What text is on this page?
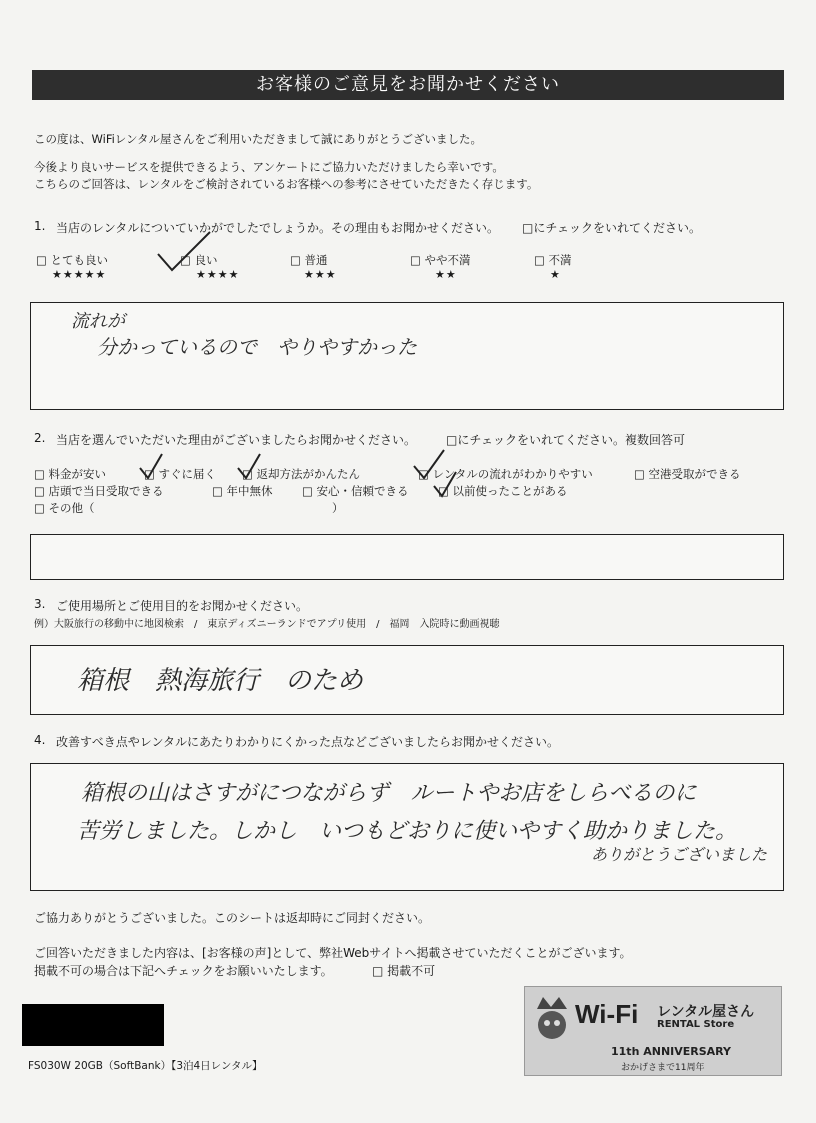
お客様のご意見をお聞かせください
この度は、WiFiレンタル屋さんをご利用いただきまして誠にありがとうございました。
今後より良いサービスを提供できるよう、アンケートにご協力いただけましたら幸いです。
こちらのご回答は、レンタルをご検討されているお客様への参考にさせていただきたく存じます。
1. 当店のレンタルについていかがでしたでしょうか。その理由もお聞かせください。 □にチェックをいれてください。
□ とても良い
★★★★★
□ 良い
★★★★
□ 普通
★★★
□ やや不満
★★
□ 不満
★
流れが
分かっているので　やりやすかった
2. 当店を選んでいただいた理由がございましたらお聞かせください。 □にチェックをいれてください。複数回答可
□ 料金が安い	□ すぐに届く □ 返却方法がかんたん	□ レンタルの流れがわかりやすい	□ 空港受取ができる
□ 店頭で当日受取できる	□ 年中無休	□ 安心・信頼できる	□ 以前使ったことがある
□ その他（	）
3. ご使用場所とご使用目的をお聞かせください。
例）大阪旅行の移動中に地図検索　/　東京ディズニーランドでアプリ使用　/　福岡　入院時に動画視聴
箱根　熱海旅行　のため
4. 改善すべき点やレンタルにあたりわかりにくかった点などございましたらお聞かせください。
箱根の山はさすがにつながらず　ルートやお店をしらべるのに
苦労しました。しかし　いつもどおりに使いやすく助かりました。
ありがとうございました
ご協力ありがとうございました。このシートは返却時にご同封ください。
ご回答いただきました内容は、[お客様の声]として、弊社Webサイトへ掲載させていただくことがございます。
掲載不可の場合は下記へチェックをお願いいたします。	□ 掲載不可
FS030W 20GB（SoftBank）【3泊4日レンタル】
Wi-Fi レンタル屋さん
RENTAL Store
11th ANNIVERSARY
おかげさまで11周年
